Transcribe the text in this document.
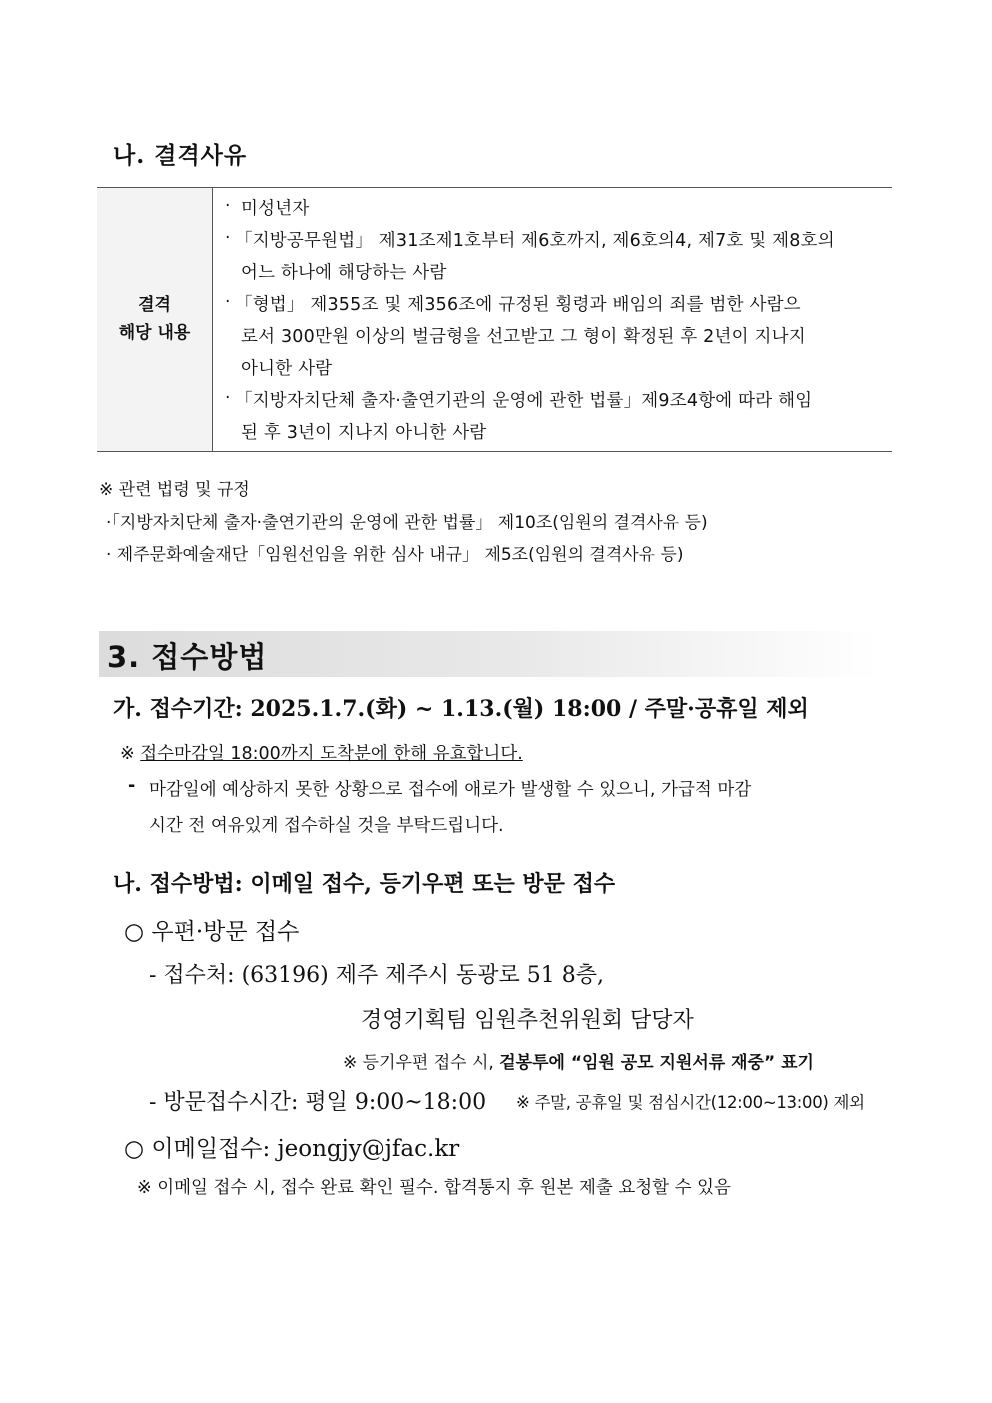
나. 결격사유
결격
해당 내용
· 미성년자
· 「지방공무원법」 제31조제1호부터 제6호까지, 제6호의4, 제7호 및 제8호의
어느 하나에 해당하는 사람
· 「형법」 제355조 및 제356조에 규정된 횡령과 배임의 죄를 범한 사람으
로서 300만원 이상의 벌금형을 선고받고 그 형이 확정된 후 2년이 지나지
아니한 사람
· 「지방자치단체 출자·출연기관의 운영에 관한 법률」제9조4항에 따라 해임
된 후 3년이 지나지 아니한 사람
※ 관련 법령 및 규정
·「지방자치단체 출자·출연기관의 운영에 관한 법률」 제10조(임원의 결격사유 등)
· 제주문화예술재단「임원선임을 위한 심사 내규」 제5조(임원의 결격사유 등)
3. 접수방법
가. 접수기간: 2025.1.7.(화) ~ 1.13.(월) 18:00 / 주말·공휴일 제외
※ 접수마감일 18:00까지 도착분에 한해 유효합니다.
- 마감일에 예상하지 못한 상황으로 접수에 애로가 발생할 수 있으니, 가급적 마감
시간 전 여유있게 접수하실 것을 부탁드립니다.
나. 접수방법: 이메일 접수, 등기우편 또는 방문 접수
○ 우편·방문 접수
- 접수처: (63196) 제주 제주시 동광로 51 8층,
경영기획팀 임원추천위원회 담당자
※ 등기우편 접수 시, 겉봉투에 “임원 공모 지원서류 재중” 표기
- 방문접수시간: 평일 9:00~18:00 ※ 주말, 공휴일 및 점심시간(12:00~13:00) 제외
○ 이메일접수: jeongjy@jfac.kr
※ 이메일 접수 시, 접수 완료 확인 필수. 합격통지 후 원본 제출 요청할 수 있음
